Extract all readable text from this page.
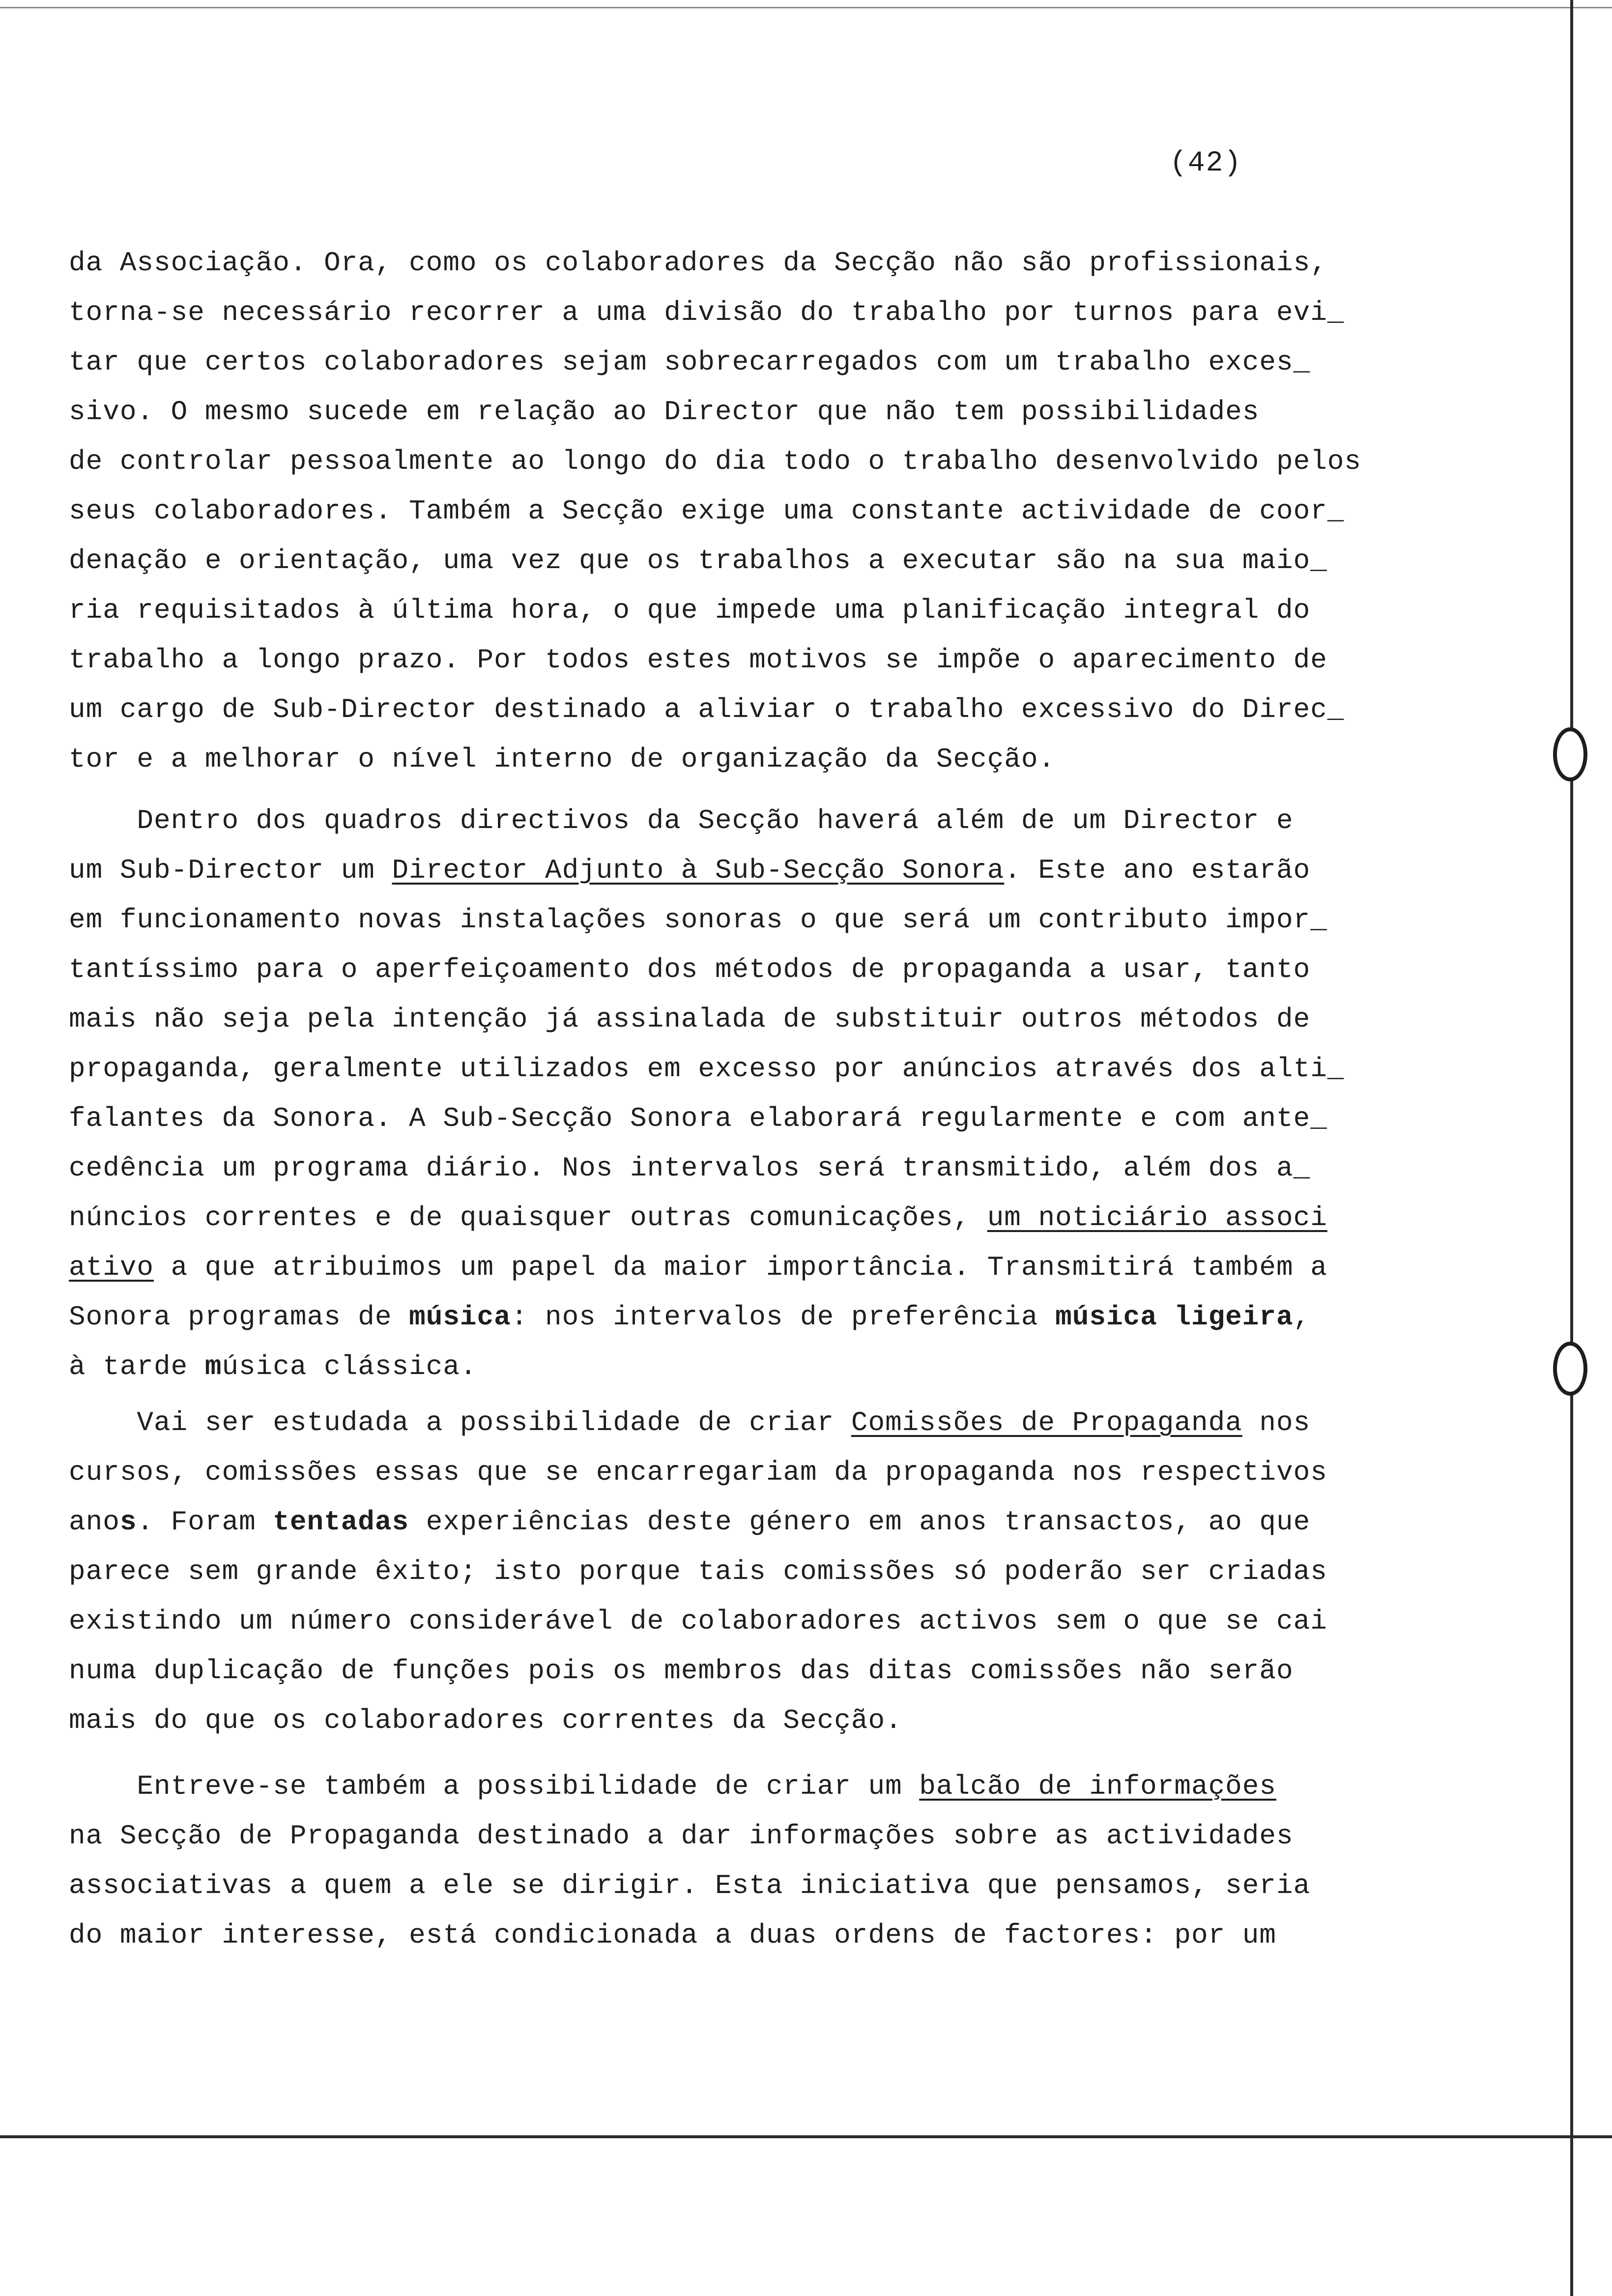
(42)
da Associação. Ora, como os colaboradores da Secção não são profissionais,
torna-se necessário recorrer a uma divisão do trabalho por turnos para evi_
tar que certos colaboradores sejam sobrecarregados com um trabalho exces_
sivo. O mesmo sucede em relação ao Director que não tem possibilidades
de controlar pessoalmente ao longo do dia todo o trabalho desenvolvido pelos
seus colaboradores. Também a Secção exige uma constante actividade de coor_
denação e orientação, uma vez que os trabalhos a executar são na sua maio_
ria requisitados à última hora, o que impede uma planificação integral do
trabalho a longo prazo. Por todos estes motivos se impõe o aparecimento de
um cargo de Sub-Director destinado a aliviar o trabalho excessivo do Direc_
tor e a melhorar o nível interno de organização da Secção.
Dentro dos quadros directivos da Secção haverá além de um Director e
um Sub-Director um Director Adjunto à Sub-Secção Sonora. Este ano estarão
em funcionamento novas instalações sonoras o que será um contributo impor_
tantíssimo para o aperfeiçoamento dos métodos de propaganda a usar, tanto
mais não seja pela intenção já assinalada de substituir outros métodos de
propaganda, geralmente utilizados em excesso por anúncios através dos alti_
falantes da Sonora. A Sub-Secção Sonora elaborará regularmente e com ante_
cedência um programa diário. Nos intervalos será transmitido, além dos a_
núncios correntes e de quaisquer outras comunicações, um noticiário associ
ativo a que atribuimos um papel da maior importância. Transmitirá também a
Sonora programas de música: nos intervalos de preferência música ligeira,
à tarde música clássica.
Vai ser estudada a possibilidade de criar Comissões de Propaganda nos
cursos, comissões essas que se encarregariam da propaganda nos respectivos
anos. Foram tentadas experiências deste género em anos transactos, ao que
parece sem grande êxito; isto porque tais comissões só poderão ser criadas
existindo um número considerável de colaboradores activos sem o que se cai
numa duplicação de funções pois os membros das ditas comissões não serão
mais do que os colaboradores correntes da Secção.
Entreve-se também a possibilidade de criar um balcão de informações
na Secção de Propaganda destinado a dar informações sobre as actividades
associativas a quem a ele se dirigir. Esta iniciativa que pensamos, seria
do maior interesse, está condicionada a duas ordens de factores: por um
